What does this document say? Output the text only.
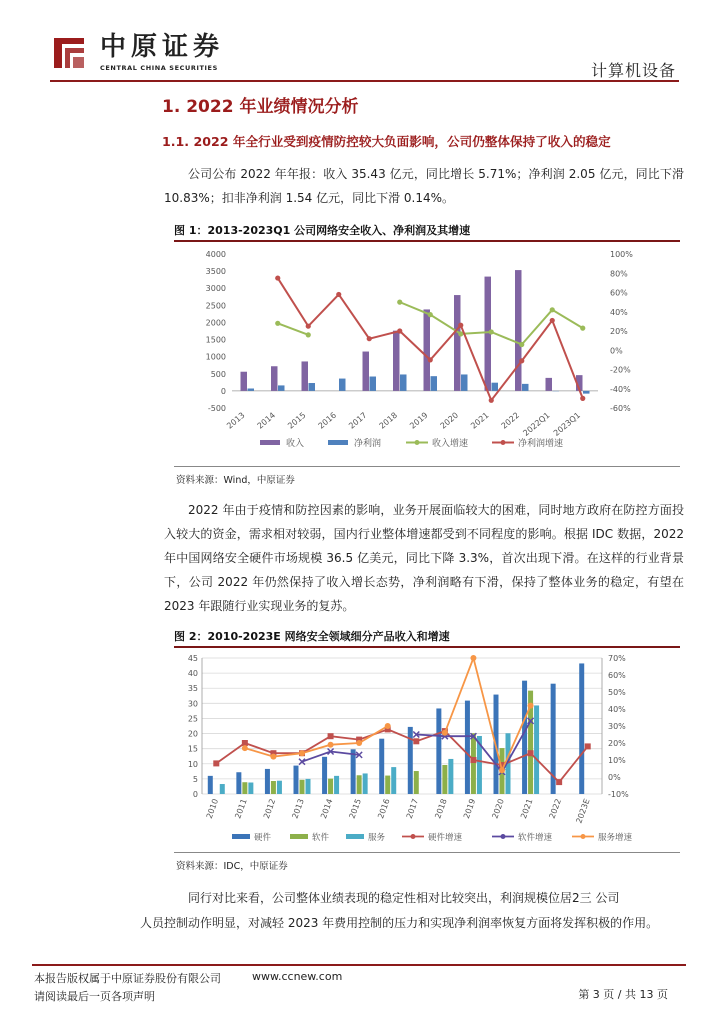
中原证券
CENTRAL CHINA SECURITIES	计算机设备
1. 2022 年业绩情况分析
1.1. 2022 年全行业受到疫情防控较大负面影响，公司仍整体保持了收入的稳定
公司公布 2022 年年报：收入 35.43 亿元，同比增长 5.71%；净利润 2.05 亿元，同比下滑 10.83%；扣非净利润 1.54 亿元，同比下滑 0.14%。
图 1：2013-2023Q1 公司网络安全收入、净利润及其增速
-500
0
500
1000
1500
2000
2500
3000
3500
4000
-60%
-40%
-20%
0%
20%
40%
60%
80%
100%
2013 2014 2015 2016 2017 2018 2019 2020 2021 2022 2022Q1 2023Q1
收入	净利润	收入增速	净利润增速
资料来源：Wind，中原证券
2022 年由于疫情和防控因素的影响，业务开展面临较大的困难，同时地方政府在防控方面投入较大的资金，需求相对较弱，国内行业整体增速都受到不同程度的影响。根据 IDC 数据，2022 年中国网络安全硬件市场规模 36.5 亿美元，同比下降 3.3%，首次出现下滑。在这样的行业背景下，公司 2022 年仍然保持了收入增长态势，净利润略有下滑，保持了整体业务的稳定，有望在 2023 年跟随行业实现业务的复苏。
图 2：2010-2023E 网络安全领域细分产品收入和增速
0
5
10
15
20
25
30
35
40
45
-10%
0%
10%
20%
30%
40%
50%
60%
70%
2010 2011 2012 2013 2014 2015 2016 2017 2018 2019 2020 2021 2022 2023E
硬件	软件	服务	硬件增速	软件增速	服务增速
资料来源：IDC，中原证券
同行对比来看，公司整体业绩表现的稳定性相对比较突出，利润规模位居2三 公司
人员控制动作明显，对减轻 2023 年费用控制的压力和实现净利润率恢复方面将发挥积极的作用。
本报告版权属于中原证券股份有限公司	www.ccnew.com
请阅读最后一页各项声明	第 3 页 / 共 13 页
